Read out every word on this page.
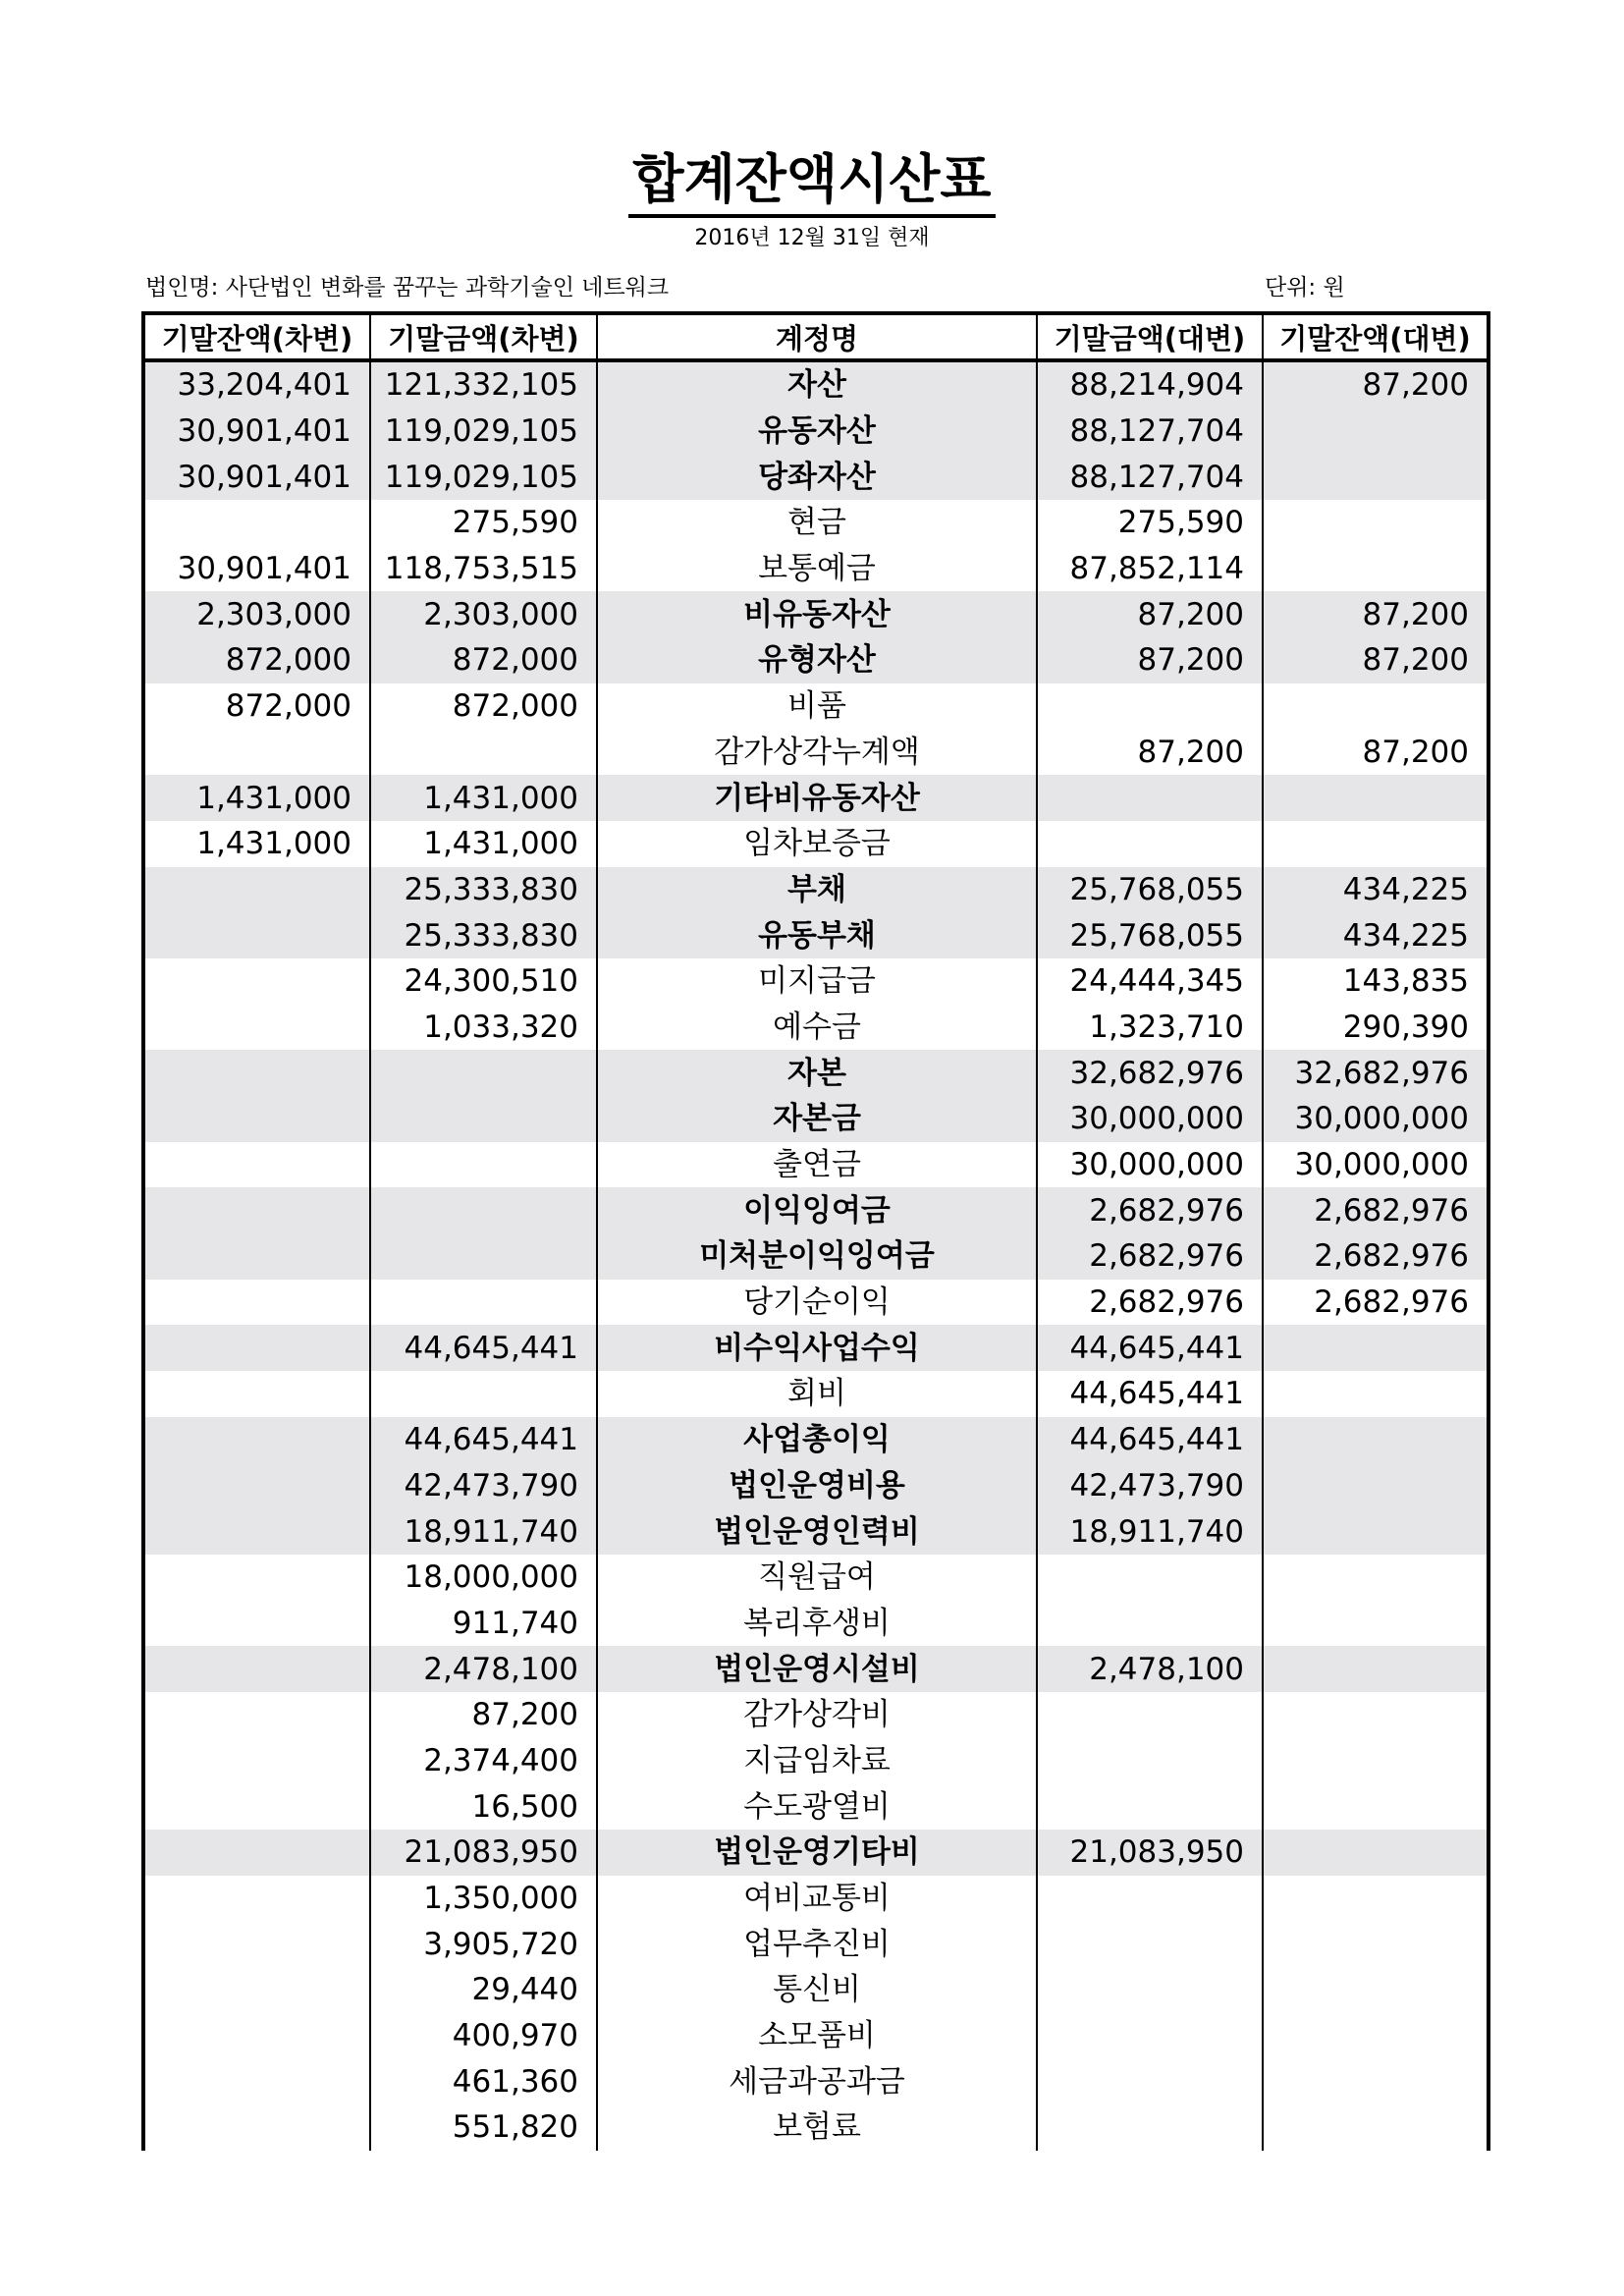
합계잔액시산표
2016년 12월 31일 현재
법인명: 사단법인 변화를 꿈꾸는 과학기술인 네트워크	단위: 원
기말잔액(차변)	기말금액(차변)	계정명	기말금액(대변)	기말잔액(대변)
33,204,401	121,332,105	자산	88,214,904	87,200
30,901,401	119,029,105	유동자산	88,127,704	
30,901,401	119,029,105	당좌자산	88,127,704	
	275,590	현금	275,590	
30,901,401	118,753,515	보통예금	87,852,114	
2,303,000	2,303,000	비유동자산	87,200	87,200
872,000	872,000	유형자산	87,200	87,200
872,000	872,000	비품		
		감가상각누계액	87,200	87,200
1,431,000	1,431,000	기타비유동자산		
1,431,000	1,431,000	임차보증금		
	25,333,830	부채	25,768,055	434,225
	25,333,830	유동부채	25,768,055	434,225
	24,300,510	미지급금	24,444,345	143,835
	1,033,320	예수금	1,323,710	290,390
		자본	32,682,976	32,682,976
		자본금	30,000,000	30,000,000
		출연금	30,000,000	30,000,000
		이익잉여금	2,682,976	2,682,976
		미처분이익잉여금	2,682,976	2,682,976
		당기순이익	2,682,976	2,682,976
	44,645,441	비수익사업수익	44,645,441	
		회비	44,645,441	
	44,645,441	사업총이익	44,645,441	
	42,473,790	법인운영비용	42,473,790	
	18,911,740	법인운영인력비	18,911,740	
	18,000,000	직원급여		
	911,740	복리후생비		
	2,478,100	법인운영시설비	2,478,100	
	87,200	감가상각비		
	2,374,400	지급임차료		
	16,500	수도광열비		
	21,083,950	법인운영기타비	21,083,950	
	1,350,000	여비교통비		
	3,905,720	업무추진비		
	29,440	통신비		
	400,970	소모품비		
	461,360	세금과공과금		
	551,820	보험료		
